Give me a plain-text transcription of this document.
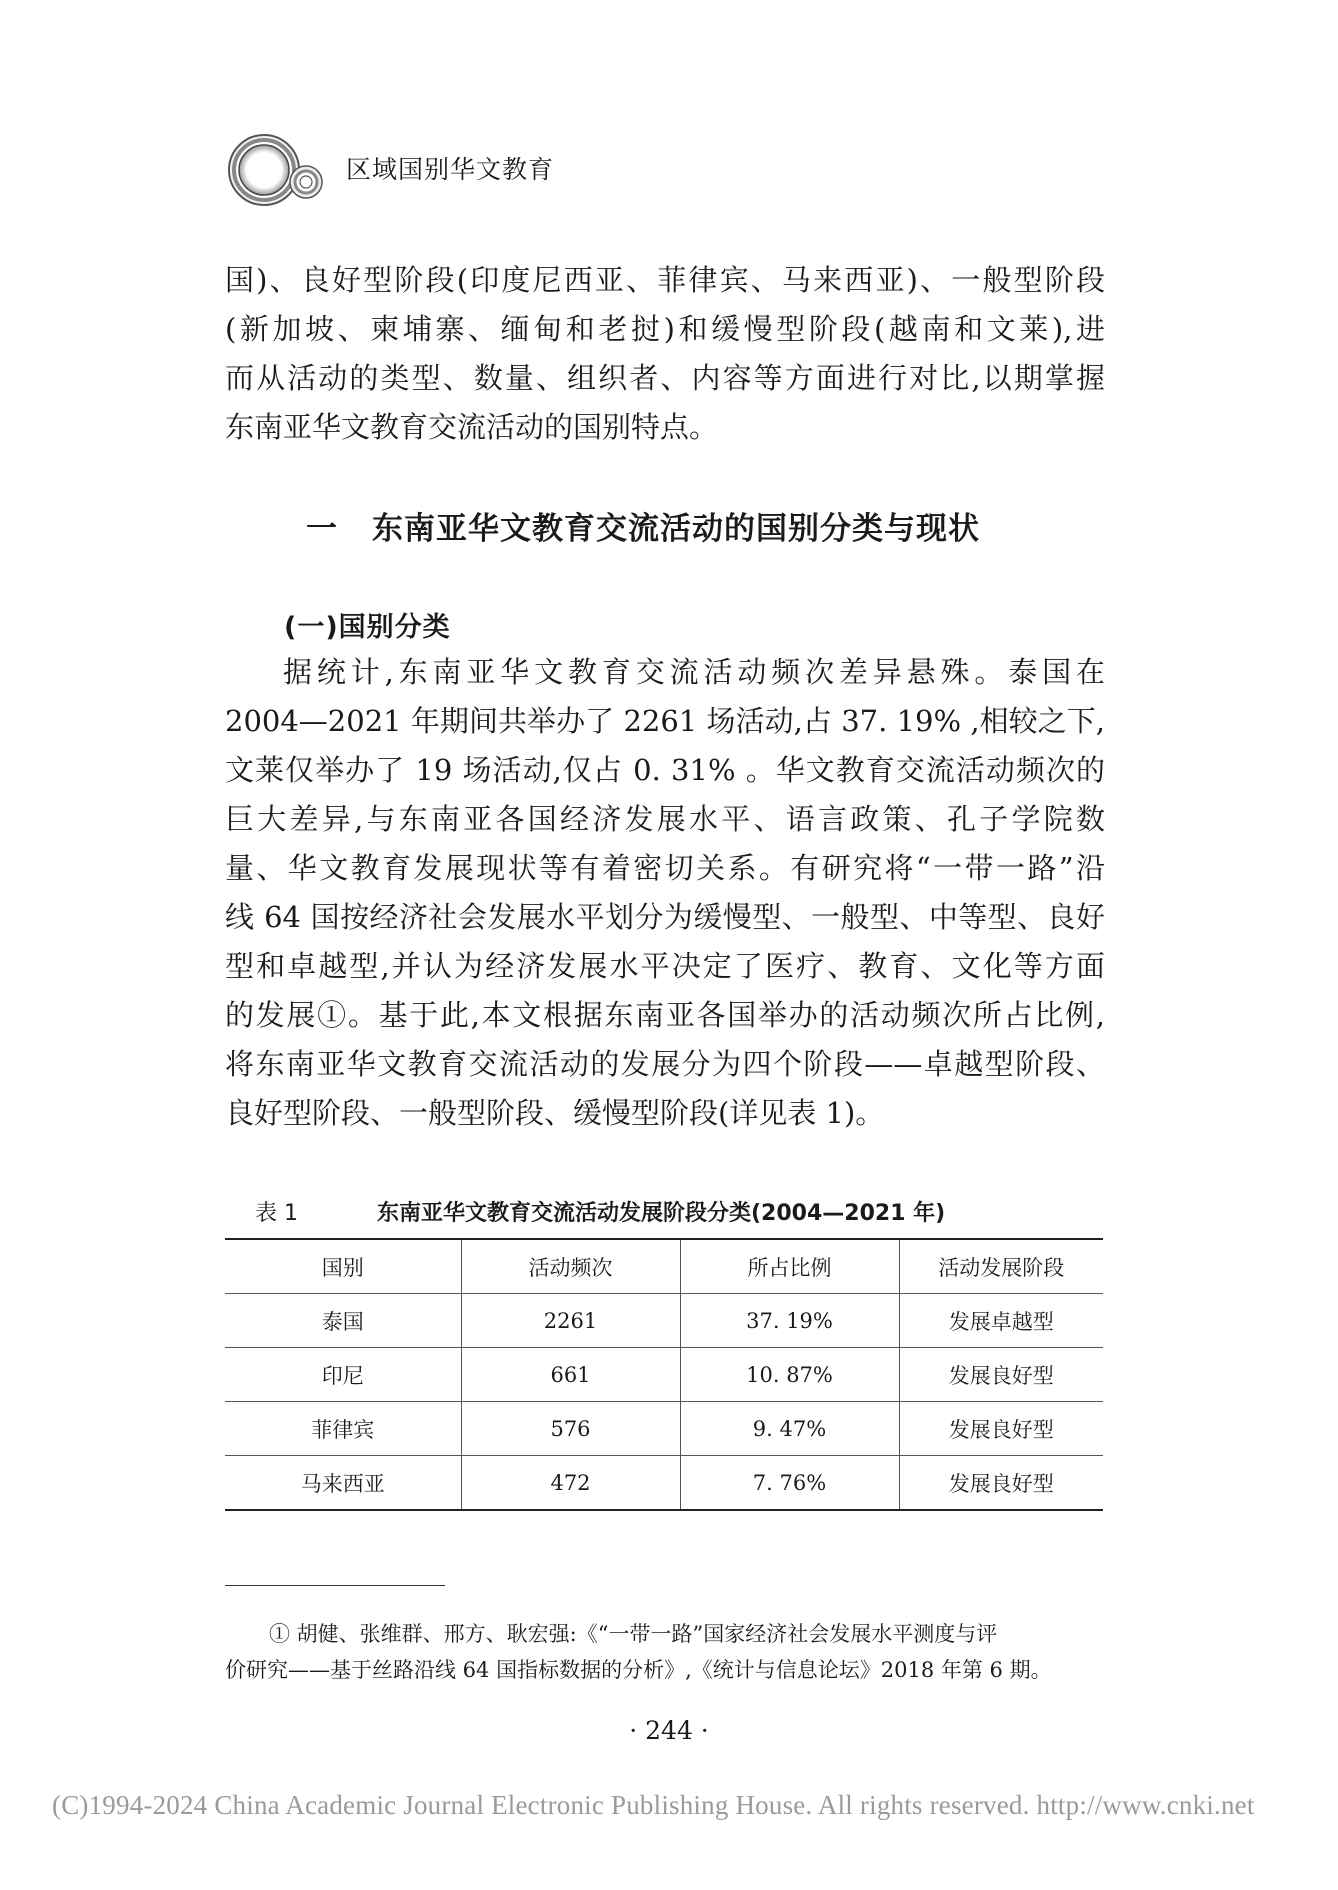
区域国别华文教育
国)、良好型阶段(印度尼西亚、菲律宾、马来西亚)、一般型阶段
(新加坡、柬埔寨、缅甸和老挝)和缓慢型阶段(越南和文莱),进
而从活动的类型、数量、组织者、内容等方面进行对比,以期掌握
东南亚华文教育交流活动的国别特点。
一 东南亚华文教育交流活动的国别分类与现状
(一)国别分类
据统计,东南亚华文教育交流活动频次差异悬殊。泰国在
2004—2021 年期间共举办了 2261 场活动,占 37. 19% ,相较之下,
文莱仅举办了 19 场活动,仅占 0. 31% 。华文教育交流活动频次的
巨大差异,与东南亚各国经济发展水平、语言政策、孔子学院数
量、华文教育发展现状等有着密切关系。有研究将“一带一路”沿
线 64 国按经济社会发展水平划分为缓慢型、一般型、中等型、良好
型和卓越型,并认为经济发展水平决定了医疗、教育、文化等方面
的发展①。基于此,本文根据东南亚各国举办的活动频次所占比例,
将东南亚华文教育交流活动的发展分为四个阶段——卓越型阶段、
良好型阶段、一般型阶段、缓慢型阶段(详见表 1)。
表 1	东南亚华文教育交流活动发展阶段分类(2004—2021 年)
国别	活动频次	所占比例	活动发展阶段
泰国	2261	37. 19%	发展卓越型
印尼	661	10. 87%	发展良好型
菲律宾	576	9. 47%	发展良好型
马来西亚	472	7. 76%	发展良好型
① 胡健、张维群、邢方、耿宏强:《“一带一路”国家经济社会发展水平测度与评
价研究——基于丝路沿线 64 国指标数据的分析》,《统计与信息论坛》2018 年第 6 期。
· 244 ·
(C)1994-2024 China Academic Journal Electronic Publishing House. All rights reserved. http://www.cnki.net
